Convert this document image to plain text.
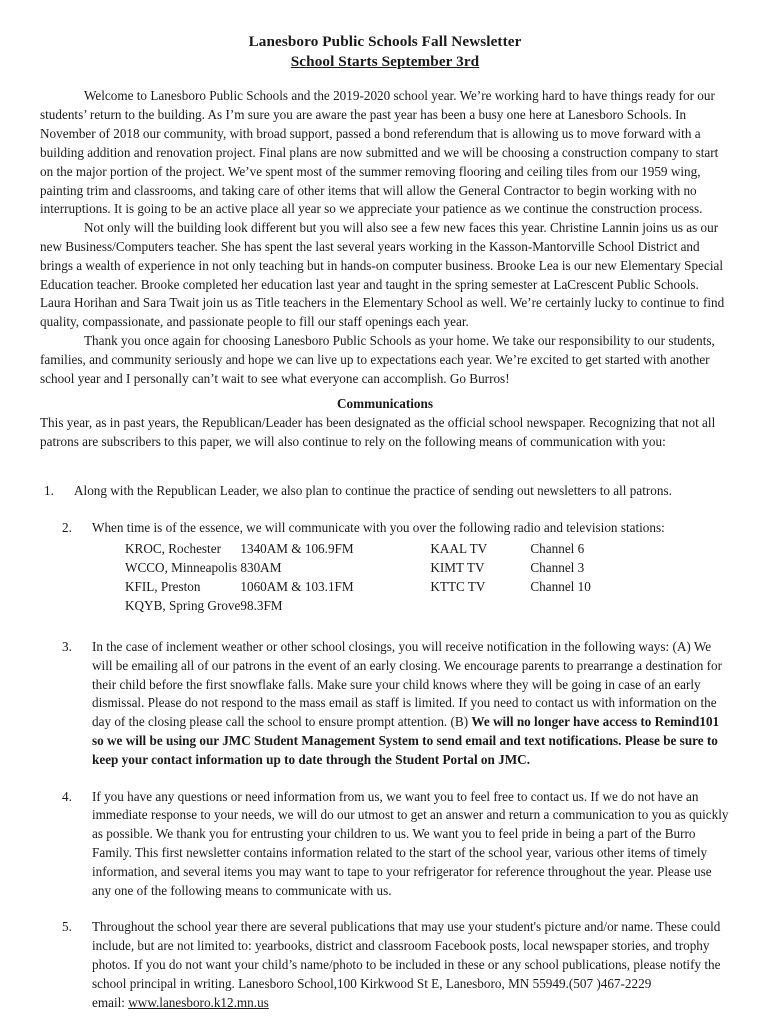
Lanesboro Public Schools Fall Newsletter
School Starts September 3rd

Welcome to Lanesboro Public Schools and the 2019-2020 school year. We’re working hard to have things ready for our students’ return to the building. As I’m sure you are aware the past year has been a busy one here at Lanesboro Schools. In November of 2018 our community, with broad support, passed a bond referendum that is allowing us to move forward with a building addition and renovation project. Final plans are now submitted and we will be choosing a construction company to start on the major portion of the project. We’ve spent most of the summer removing flooring and ceiling tiles from our 1959 wing, painting trim and classrooms, and taking care of other items that will allow the General Contractor to begin working with no interruptions. It is going to be an active place all year so we appreciate your patience as we continue the construction process.

Not only will the building look different but you will also see a few new faces this year. Christine Lannin joins us as our new Business/Computers teacher. She has spent the last several years working in the Kasson-Mantorville School District and brings a wealth of experience in not only teaching but in hands-on computer business. Brooke Lea is our new Elementary Special Education teacher. Brooke completed her education last year and taught in the spring semester at LaCrescent Public Schools. Laura Horihan and Sara Twait join us as Title teachers in the Elementary School as well. We’re certainly lucky to continue to find quality, compassionate, and passionate people to fill our staff openings each year.

Thank you once again for choosing Lanesboro Public Schools as your home. We take our responsibility to our students, families, and community seriously and hope we can live up to expectations each year. We’re excited to get started with another school year and I personally can’t wait to see what everyone can accomplish. Go Burros!

Communications

This year, as in past years, the Republican/Leader has been designated as the official school newspaper. Recognizing that not all patrons are subscribers to this paper, we will also continue to rely on the following means of communication with you:

1.	Along with the Republican Leader, we also plan to continue the practice of sending out newsletters to all patrons.
2.	When time is of the essence, we will communicate with you over the following radio and television stations:
KROC, Rochester	1340AM & 106.9FM	KAAL TV	Channel 6
WCCO, Minneapolis	830AM	KIMT TV	Channel 3
KFIL, Preston	1060AM & 103.1FM	KTTC TV	Channel 10
KQYB, Spring Grove	98.3FM		
3.	In the case of inclement weather or other school closings, you will receive notification in the following ways: (A) We will be emailing all of our patrons in the event of an early closing. We encourage parents to prearrange a destination for their child before the first snowflake falls. Make sure your child knows where they will be going in case of an early dismissal. Please do not respond to the mass email as staff is limited. If you need to contact us with information on the day of the closing please call the school to ensure prompt attention. (B) We will no longer have access to Remind101 so we will be using our JMC Student Management System to send email and text notifications. Please be sure to keep your contact information up to date through the Student Portal on JMC.
4.	If you have any questions or need information from us, we want you to feel free to contact us. If we do not have an immediate response to your needs, we will do our utmost to get an answer and return a communication to you as quickly as possible. We thank you for entrusting your children to us. We want you to feel pride in being a part of the Burro Family. This first newsletter contains information related to the start of the school year, various other items of timely information, and several items you may want to tape to your refrigerator for reference throughout the year. Please use any one of the following means to communicate with us.
5.	Throughout the school year there are several publications that may use your student's picture and/or name. These could include, but are not limited to: yearbooks, district and classroom Facebook posts, local newspaper stories, and trophy photos. If you do not want your child’s name/photo to be included in these or any school publications, please notify the school principal in writing. Lanesboro School,100 Kirkwood St E, Lanesboro, MN 55949.(507 )467-2229
email: www.lanesboro.k12.mn.us
